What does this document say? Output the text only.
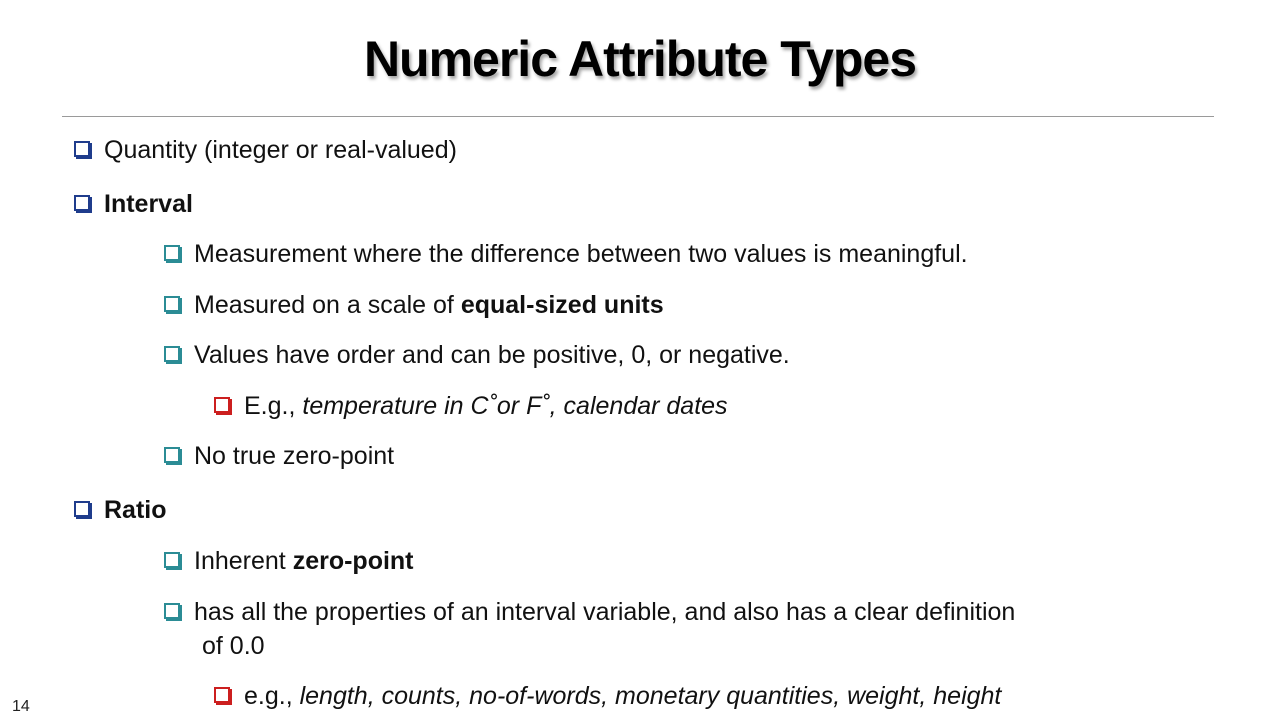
Numeric Attribute Types
Quantity (integer or real-valued)
Interval
Measurement where the difference between two values is meaningful.
Measured on a scale of equal-sized units
Values have order and can be positive, 0, or negative.
E.g., temperature in C˚or F˚, calendar dates
No true zero-point
Ratio
Inherent zero-point
has all the properties of an interval variable, and also has a clear definition
of 0.0
e.g., length, counts, no-of-words, monetary quantities, weight, height
14
